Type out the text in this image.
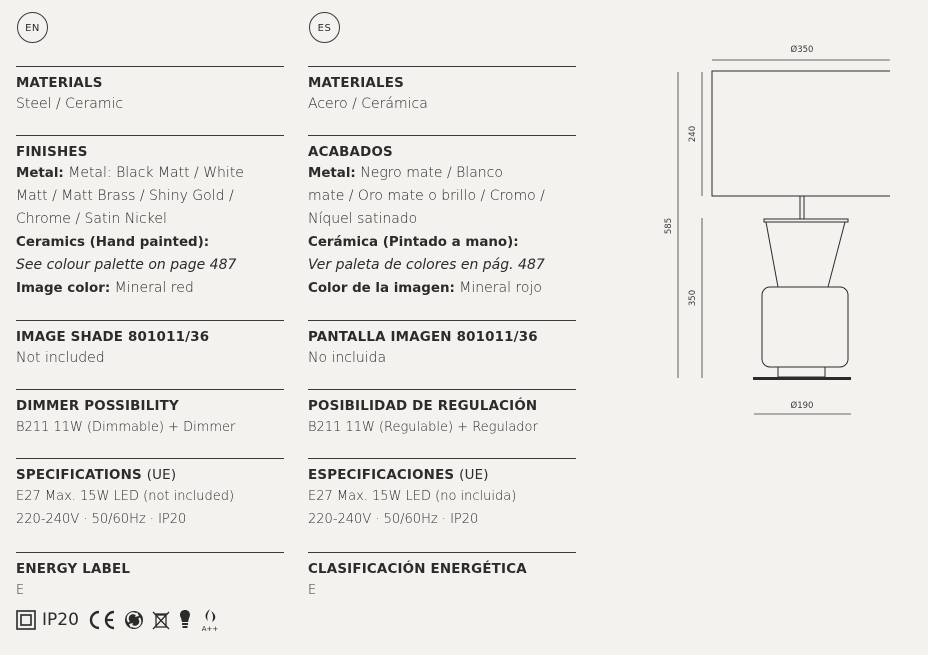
EN	ES
MATERIALS
Steel / Ceramic
FINISHES
Metal: Metal: Black Matt / White
Matt / Matt Brass / Shiny Gold /
Chrome / Satin Nickel
Ceramics (Hand painted):
See colour palette on page 487
Image color: Mineral red
IMAGE SHADE 801011/36
Not included
DIMMER POSSIBILITY
B211 11W (Dimmable) + Dimmer
SPECIFICATIONS (UE)
E27 Max. 15W LED (not included)
220-240V · 50/60Hz · IP20
ENERGY LABEL
E
MATERIALES
Acero / Cerámica
ACABADOS
Metal: Negro mate / Blanco
mate / Oro mate o brillo / Cromo /
Níquel satinado
Cerámica (Pintado a mano):
Ver paleta de colores en pág. 487
Color de la imagen: Mineral rojo
PANTALLA IMAGEN 801011/36
No incluida
POSIBILIDAD DE REGULACIÓN
B211 11W (Regulable) + Regulador
ESPECIFICACIONES (UE)
E27 Max. 15W LED (no incluida)
220-240V · 50/60Hz · IP20
CLASIFICACIÓN ENERGÉTICA
E
IP20	A++
Ø350
Ø190
585
240
350
